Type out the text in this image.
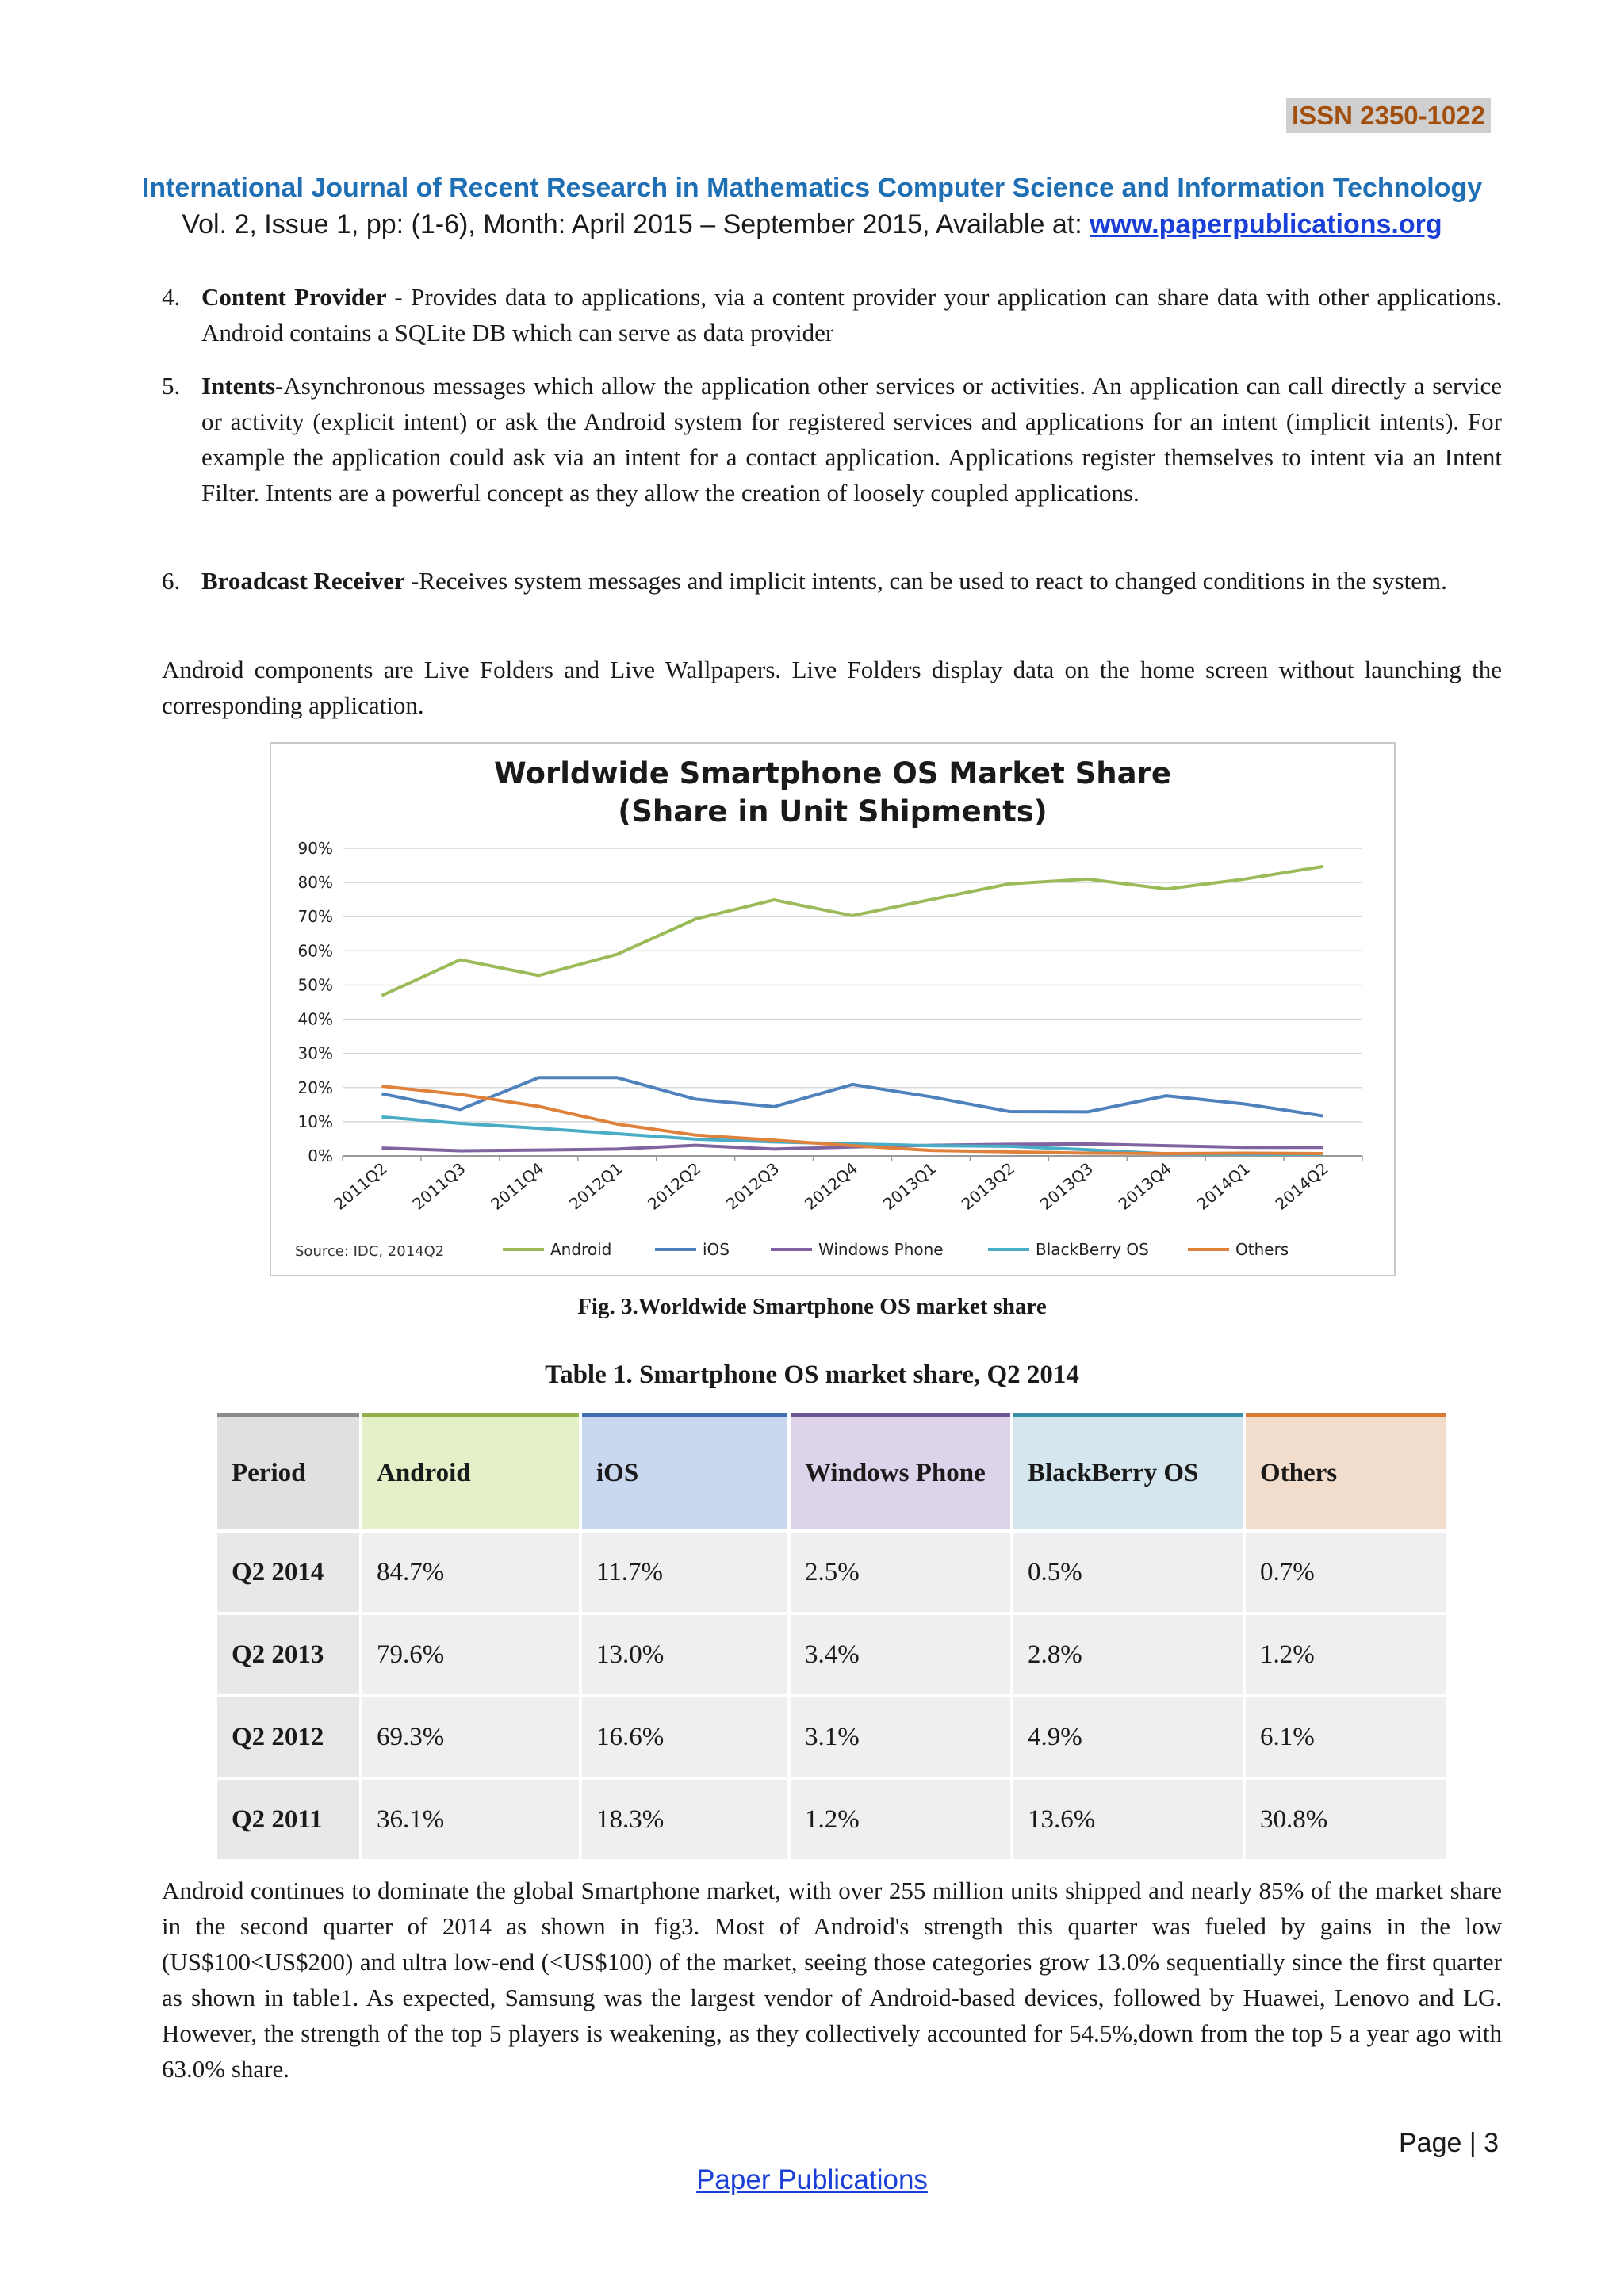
ISSN 2350-1022
International Journal of Recent Research in Mathematics Computer Science and Information Technology
Vol. 2, Issue 1, pp: (1-6), Month: April 2015 – September 2015, Available at: www.paperpublications.org
4. Content Provider - Provides data to applications, via a content provider your application can share data with other applications. Android contains a SQLite DB which can serve as data provider
5. Intents-Asynchronous messages which allow the application other services or activities. An application can call directly a service or activity (explicit intent) or ask the Android system for registered services and applications for an intent (implicit intents). For example the application could ask via an intent for a contact application. Applications register themselves to intent via an Intent Filter. Intents are a powerful concept as they allow the creation of loosely coupled applications.
6. Broadcast Receiver -Receives system messages and implicit intents, can be used to react to changed conditions in the system.
Android components are Live Folders and Live Wallpapers. Live Folders display data on the home screen without launching the corresponding application.
Worldwide Smartphone OS Market Share
(Share in Unit Shipments)
0%
10%
20%
30%
40%
50%
60%
70%
80%
90%
2011Q2 2011Q3 2011Q4 2012Q1 2012Q2 2012Q3 2012Q4 2013Q1 2013Q2 2013Q3 2013Q4 2014Q1 2014Q2
Source: IDC, 2014Q2	Android	iOS	Windows Phone	BlackBerry OS	Others
Fig. 3.Worldwide Smartphone OS market share
Table 1. Smartphone OS market share, Q2 2014
Period	Android	iOS	Windows Phone	BlackBerry OS	Others
Q2 2014	84.7%	11.7%	2.5%	0.5%	0.7%
Q2 2013	79.6%	13.0%	3.4%	2.8%	1.2%
Q2 2012	69.3%	16.6%	3.1%	4.9%	6.1%
Q2 2011	36.1%	18.3%	1.2%	13.6%	30.8%
Android continues to dominate the global Smartphone market, with over 255 million units shipped and nearly 85% of the market share in the second quarter of 2014 as shown in fig3. Most of Android's strength this quarter was fueled by gains in the low (US$100<US$200) and ultra low-end (<US$100) of the market, seeing those categories grow 13.0% sequentially since the first quarter as shown in table1. As expected, Samsung was the largest vendor of Android-based devices, followed by Huawei, Lenovo and LG. However, the strength of the top 5 players is weakening, as they collectively accounted for 54.5%,down from the top 5 a year ago with 63.0% share.
Page | 3
Paper Publications
